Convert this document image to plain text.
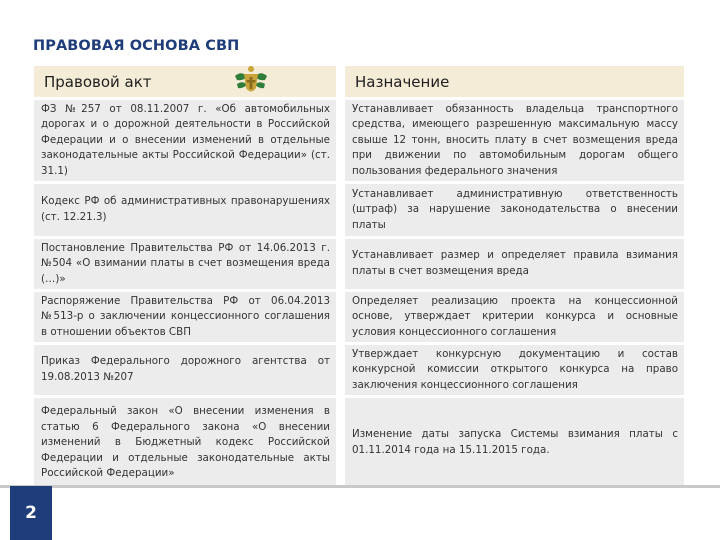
ПРАВОВАЯ ОСНОВА СВП
Правовой акт	Назначение
ФЗ №257 от 08.11.2007 г. «Об автомобильных дорогах и о дорожной деятельности в Российской Федерации и о внесении изменений в отдельные законодательные акты Российской Федерации» (ст. 31.1)
Устанавливает обязанность владельца транспортного средства, имеющего разрешенную максимальную массу свыше 12 тонн, вносить плату в счет возмещения вреда при движении по автомобильным дорогам общего пользования федерального значения
Кодекс РФ об административных правонарушениях (ст. 12.21.3)
Устанавливает административную ответственность (штраф) за нарушение законодательства о внесении платы
Постановление Правительства РФ от 14.06.2013 г. №504 «О взимании платы в счет возмещения вреда (…)»
Устанавливает размер и определяет правила взимания платы в счет возмещения вреда
Распоряжение Правительства РФ от 06.04.2013 №513-р о заключении концессионного соглашения в отношении объектов СВП
Определяет реализацию проекта на концессионной основе, утверждает критерии конкурса и основные условия концессионного соглашения
Приказ Федерального дорожного агентства от 19.08.2013 №207
Утверждает конкурсную документацию и состав конкурсной комиссии открытого конкурса на право заключения концессионного соглашения
Федеральный закон «О внесении изменения в статью 6 Федерального закона «О внесении изменений в Бюджетный кодекс Российской Федерации и отдельные законодательные акты Российской Федерации»
Изменение даты запуска Системы взимания платы с 01.11.2014 года на 15.11.2015 года.
2
